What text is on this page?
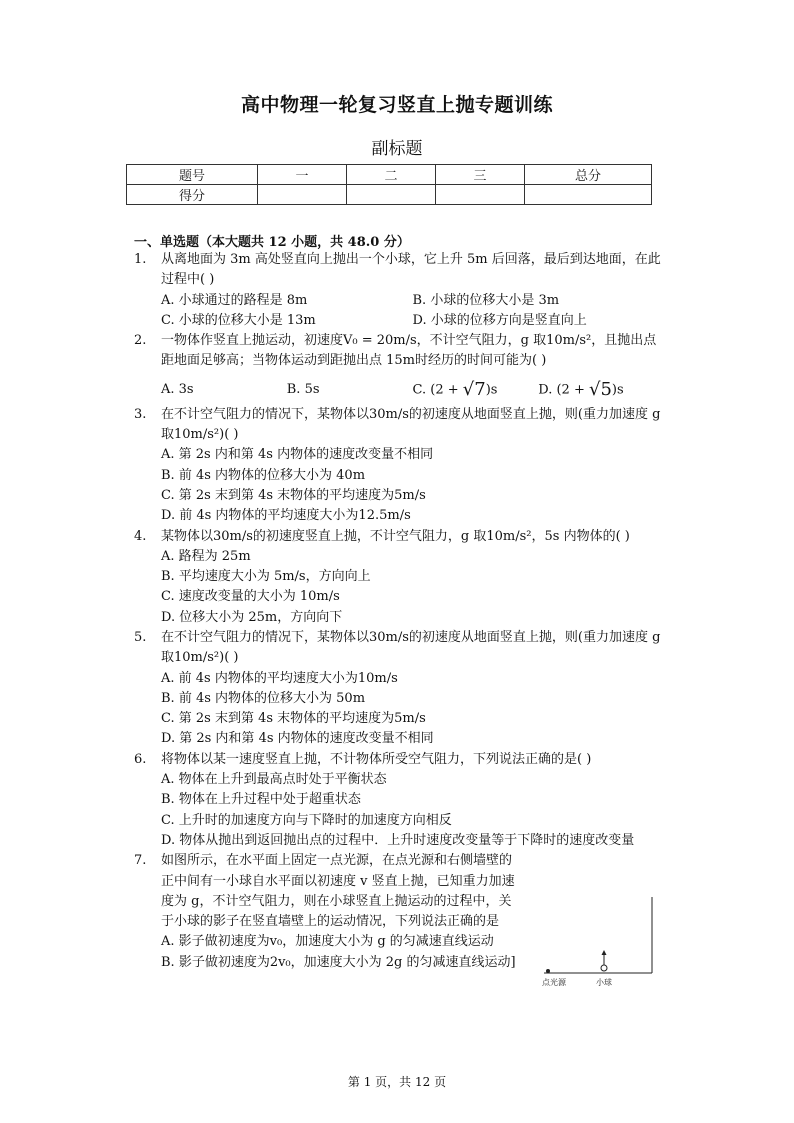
高中物理一轮复习竖直上抛专题训练
副标题
题号	一	二	三	总分
得分				
一、单选题（本大题共 12 小题，共 48.0 分）
1. 从离地面为 3m 高处竖直向上抛出一个小球，它上升 5m 后回落，最后到达地面，在此过程中( )
A. 小球通过的路程是 8m	B. 小球的位移大小是 3m
C. 小球的位移大小是 13m	D. 小球的位移方向是竖直向上
2. 一物体作竖直上抛运动，初速度V₀ = 20m/s，不计空气阻力，g 取10m/s²，且抛出点距地面足够高；当物体运动到距抛出点 15m时经历的时间可能为( )
A. 3s	B. 5s	C. (2 + √7)s	D. (2 + √5)s
3. 在不计空气阻力的情况下，某物体以30m/s的初速度从地面竖直上抛，则(重力加速度 g 取10m/s²)( )
A. 第 2s 内和第 4s 内物体的速度改变量不相同
B. 前 4s 内物体的位移大小为 40m
C. 第 2s 末到第 4s 末物体的平均速度为5m/s
D. 前 4s 内物体的平均速度大小为12.5m/s
4. 某物体以30m/s的初速度竖直上抛，不计空气阻力，g 取10m/s²，5s 内物体的( )
A. 路程为 25m
B. 平均速度大小为 5m/s，方向向上
C. 速度改变量的大小为 10m/s
D. 位移大小为 25m，方向向下
5. 在不计空气阻力的情况下，某物体以30m/s的初速度从地面竖直上抛，则(重力加速度 g 取10m/s²)( )
A. 前 4s 内物体的平均速度大小为10m/s
B. 前 4s 内物体的位移大小为 50m
C. 第 2s 末到第 4s 末物体的平均速度为5m/s
D. 第 2s 内和第 4s 内物体的速度改变量不相同
6. 将物体以某一速度竖直上抛，不计物体所受空气阻力，下列说法正确的是( )
A. 物体在上升到最高点时处于平衡状态
B. 物体在上升过程中处于超重状态
C. 上升时的加速度方向与下降时的加速度方向相反
D. 物体从抛出到返回抛出点的过程中．上升时速度改变量等于下降时的速度改变量
7. 如图所示，在水平面上固定一点光源，在点光源和右侧墙壁的正中间有一小球自水平面以初速度 v 竖直上抛，已知重力加速度为 g，不计空气阻力，则在小球竖直上抛运动的过程中，关于小球的影子在竖直墙壁上的运动情况，下列说法正确的是
A. 影子做初速度为v₀，加速度大小为 g 的匀减速直线运动
B. 影子做初速度为2v₀，加速度大小为 2g 的匀减速直线运动]
点光源	小球
第 1 页，共 12 页
